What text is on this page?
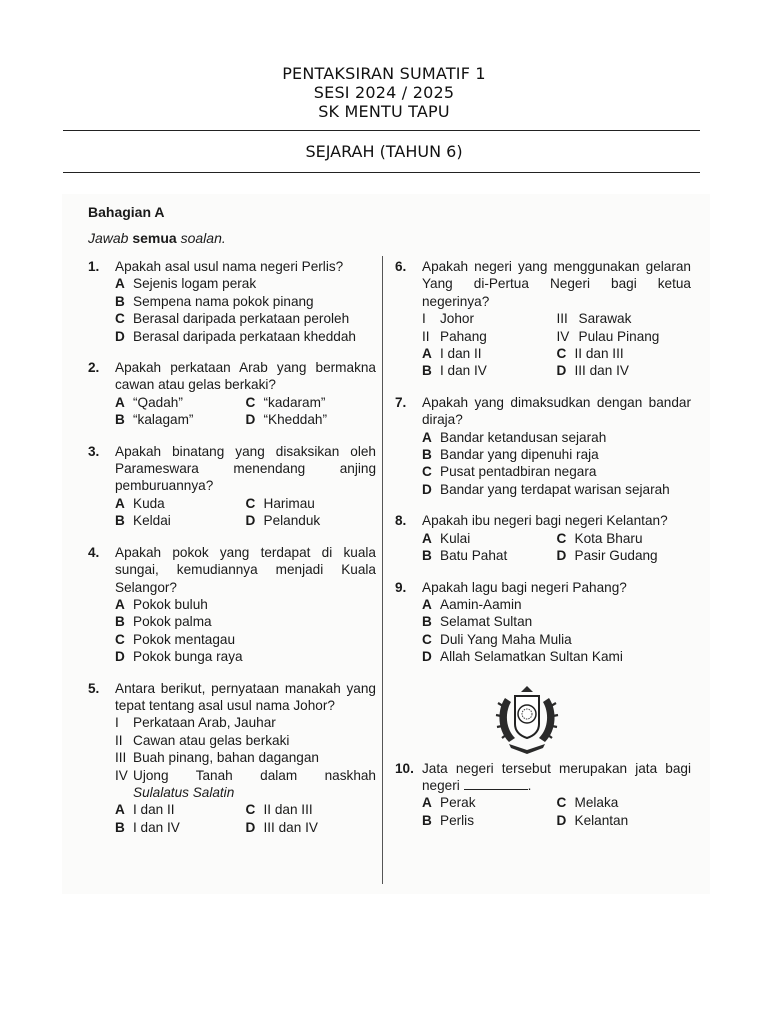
PENTAKSIRAN SUMATIF 1
SESI 2024 / 2025
SK MENTU TAPU
SEJARAH (TAHUN 6)
Bahagian A
Jawab semua soalan.
1. Apakah asal usul nama negeri Perlis?
A Sejenis logam perak
B Sempena nama pokok pinang
C Berasal daripada perkataan peroleh
D Berasal daripada perkataan kheddah
2. Apakah perkataan Arab yang bermakna cawan atau gelas berkaki?
A “Qadah”	C “kadaram”
B “kalagam”	D “Kheddah”
3. Apakah binatang yang disaksikan oleh Parameswara menendang anjing pemburuannya?
A Kuda	C Harimau
B Keldai	D Pelanduk
4. Apakah pokok yang terdapat di kuala sungai, kemudiannya menjadi Kuala Selangor?
A Pokok buluh
B Pokok palma
C Pokok mentagau
D Pokok bunga raya
5. Antara berikut, pernyataan manakah yang tepat tentang asal usul nama Johor?
I	Perkataan Arab, Jauhar
II Cawan atau gelas berkaki
III Buah pinang, bahan dagangan
IV Ujong Tanah dalam naskhah
Sulalatus Salatin
A I dan II	C II dan III
B I dan IV	D III dan IV
6. Apakah negeri yang menggunakan gelaran Yang di-Pertua Negeri bagi ketua negerinya?
I	Johor	III Sarawak
II Pahang	IV Pulau Pinang
A I dan II	C II dan III
B I dan IV	D III dan IV
7. Apakah yang dimaksudkan dengan bandar diraja?
A Bandar ketandusan sejarah
B Bandar yang dipenuhi raja
C Pusat pentadbiran negara
D Bandar yang terdapat warisan sejarah
8. Apakah ibu negeri bagi negeri Kelantan?
A Kulai	C Kota Bharu
B Batu Pahat	D Pasir Gudang
9. Apakah lagu bagi negeri Pahang?
A Aamin-Aamin
B Selamat Sultan
C Duli Yang Maha Mulia
D Allah Selamatkan Sultan Kami
10. Jata negeri tersebut merupakan jata bagi negeri	.
A Perak	C Melaka
B Perlis	D Kelantan
